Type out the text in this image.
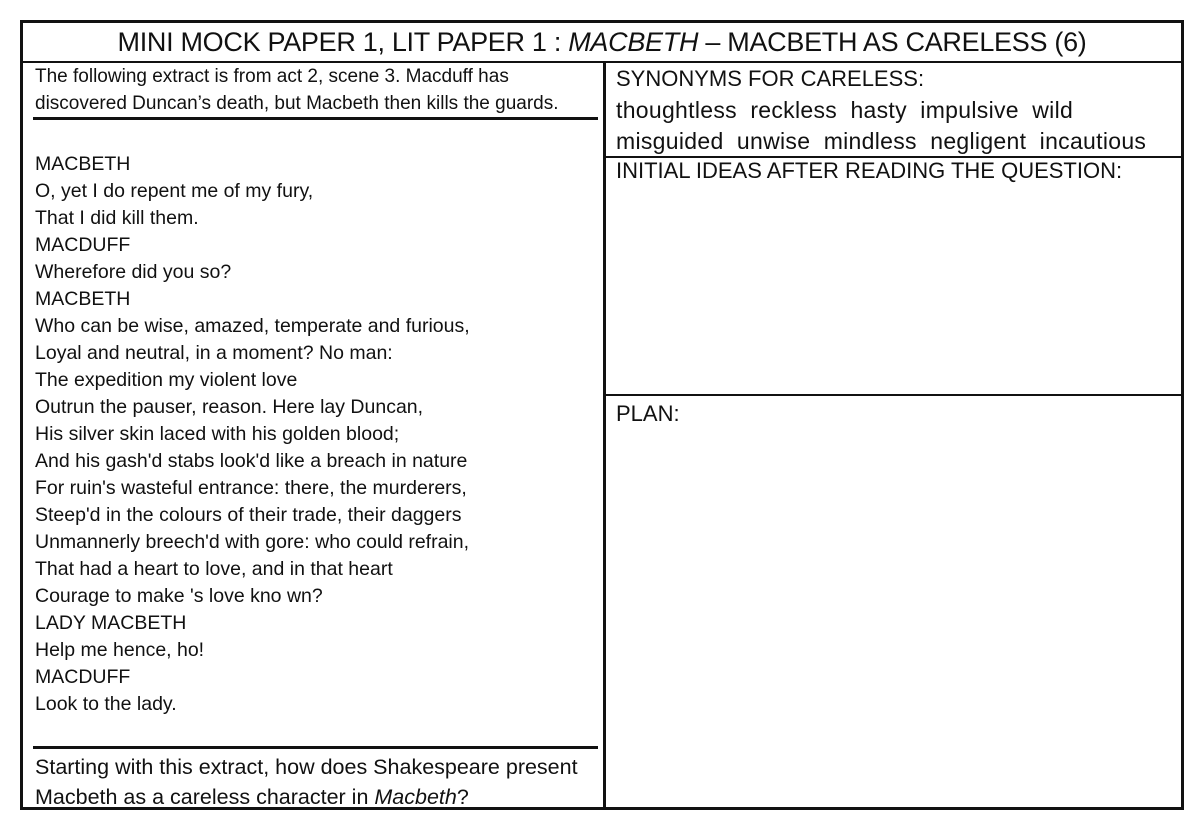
MINI MOCK PAPER 1, LIT PAPER 1 : MACBETH – MACBETH AS CARELESS (6)
The following extract is from act 2, scene 3. Macduff has
discovered Duncan’s death, but Macbeth then kills the guards.
MACBETH
O, yet I do repent me of my fury,
That I did kill them.
MACDUFF
Wherefore did you so?
MACBETH
Who can be wise, amazed, temperate and furious,
Loyal and neutral, in a moment? No man:
The expedition my violent love
Outrun the pauser, reason. Here lay Duncan,
His silver skin laced with his golden blood;
And his gash'd stabs look'd like a breach in nature
For ruin's wasteful entrance: there, the murderers,
Steep'd in the colours of their trade, their daggers
Unmannerly breech'd with gore: who could refrain,
That had a heart to love, and in that heart
Courage to make 's love kno wn?
LADY MACBETH
Help me hence, ho!
MACDUFF
Look to the lady.
Starting with this extract, how does Shakespeare present
Macbeth as a careless character in Macbeth?
SYNONYMS FOR CARELESS:
thoughtless  reckless  hasty  impulsive  wild
misguided  unwise  mindless  negligent  incautious
INITIAL IDEAS AFTER READING THE QUESTION:
PLAN:
